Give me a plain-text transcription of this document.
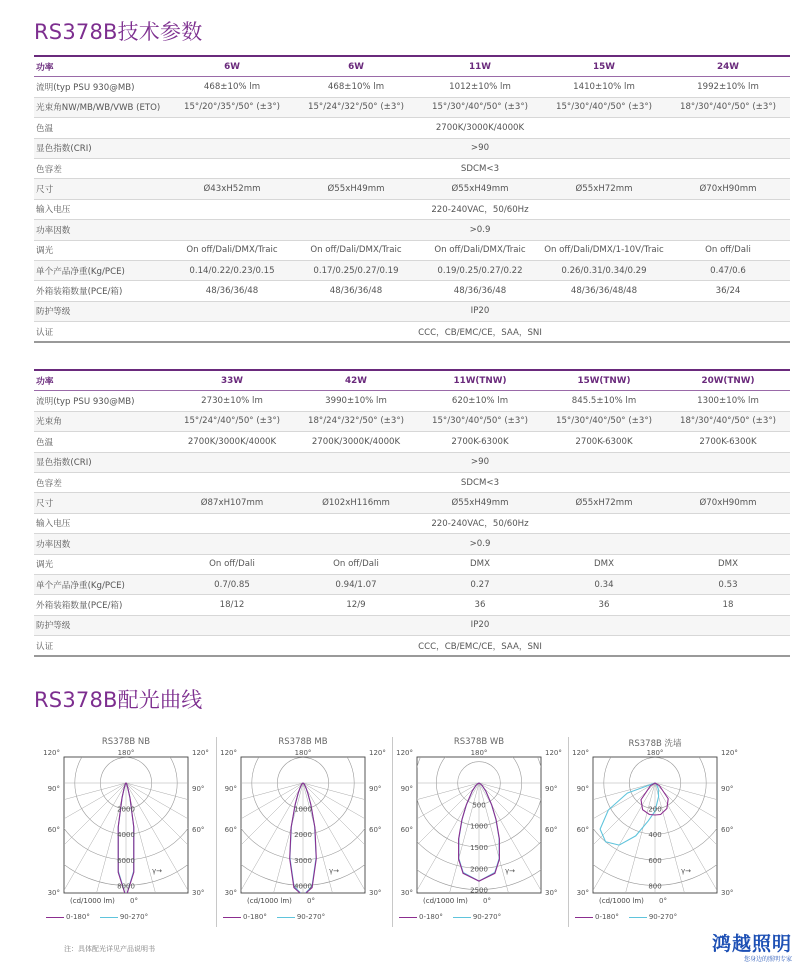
RS378B技术参数
功率	6W	6W	11W	15W	24W
流明(typ PSU 930@MB)	468±10% lm	468±10% lm	1012±10% lm	1410±10% lm	1992±10% lm
光束角NW/MB/WB/VWB (ETO)	15°/20°/35°/50° (±3°)	15°/24°/32°/50° (±3°)	15°/30°/40°/50° (±3°)	15°/30°/40°/50° (±3°)	18°/30°/40°/50° (±3°)
色温	2700K/3000K/4000K				
显色指数(CRI)	>90				
色容差	SDCM<3				
尺寸	Ø43xH52mm	Ø55xH49mm	Ø55xH49mm	Ø55xH72mm	Ø70xH90mm
输入电压	220-240VAC，50/60Hz				
功率因数	>0.9				
调光	On off/Dali/DMX/Traic	On off/Dali/DMX/Traic	On off/Dali/DMX/Traic	On off/Dali/DMX/1-10V/Traic	On off/Dali
单个产品净重(Kg/PCE)	0.14/0.22/0.23/0.15	0.17/0.25/0.27/0.19	0.19/0.25/0.27/0.22	0.26/0.31/0.34/0.29	0.47/0.6
外箱装箱数量(PCE/箱)	48/36/36/48	48/36/36/48	48/36/36/48	48/36/36/48/48	36/24
防护等级	IP20				
认证	CCC，CB/EMC/CE，SAA，SNI				
功率	33W	42W	11W(TNW)	15W(TNW)	20W(TNW)
流明(typ PSU 930@MB)	2730±10% lm	3990±10% lm	620±10% lm	845.5±10% lm	1300±10% lm
光束角	15°/24°/40°/50° (±3°)	18°/24°/32°/50° (±3°)	15°/30°/40°/50° (±3°)	15°/30°/40°/50° (±3°)	18°/30°/40°/50° (±3°)
色温	2700K/3000K/4000K	2700K/3000K/4000K	2700K-6300K	2700K-6300K	2700K-6300K
显色指数(CRI)	>90				
色容差	SDCM<3				
尺寸	Ø87xH107mm	Ø102xH116mm	Ø55xH49mm	Ø55xH72mm	Ø70xH90mm
输入电压	220-240VAC，50/60Hz				
功率因数	>0.9				
调光	On off/Dali	On off/Dali	DMX	DMX	DMX
单个产品净重(Kg/PCE)	0.7/0.85	0.94/1.07	0.27	0.34	0.53
外箱装箱数量(PCE/箱)	18/12	12/9	36	36	18
防护等级	IP20				
认证	CCC，CB/EMC/CE，SAA，SNI				
RS378B配光曲线
RS378B NB
2000
4000
6000
8000
120°	180°	120°
90°	90°
60°	60°
30°	30°
0°
γ→
(cd/1000 lm)
0-180°	90-270°
RS378B MB
1000
2000
3000
4000
120°	180°	120°
90°	90°
60°	60°
30°	30°
0°
γ→
(cd/1000 lm)
0-180°	90-270°
RS378B WB
500
1000
1500
2000
2500
120°	180°	120°
90°	90°
60°	60°
30°	30°
0°
γ→
(cd/1000 lm)
0-180°	90-270°
RS378B 洗墙
200
400
600
800
120°	180°	120°
90°	90°
60°	60°
30°	30°
0°
γ→
(cd/1000 lm)
0-180°	90-270°
注：具体配光详见产品说明书	鸿越照明
您身边的照明专家
